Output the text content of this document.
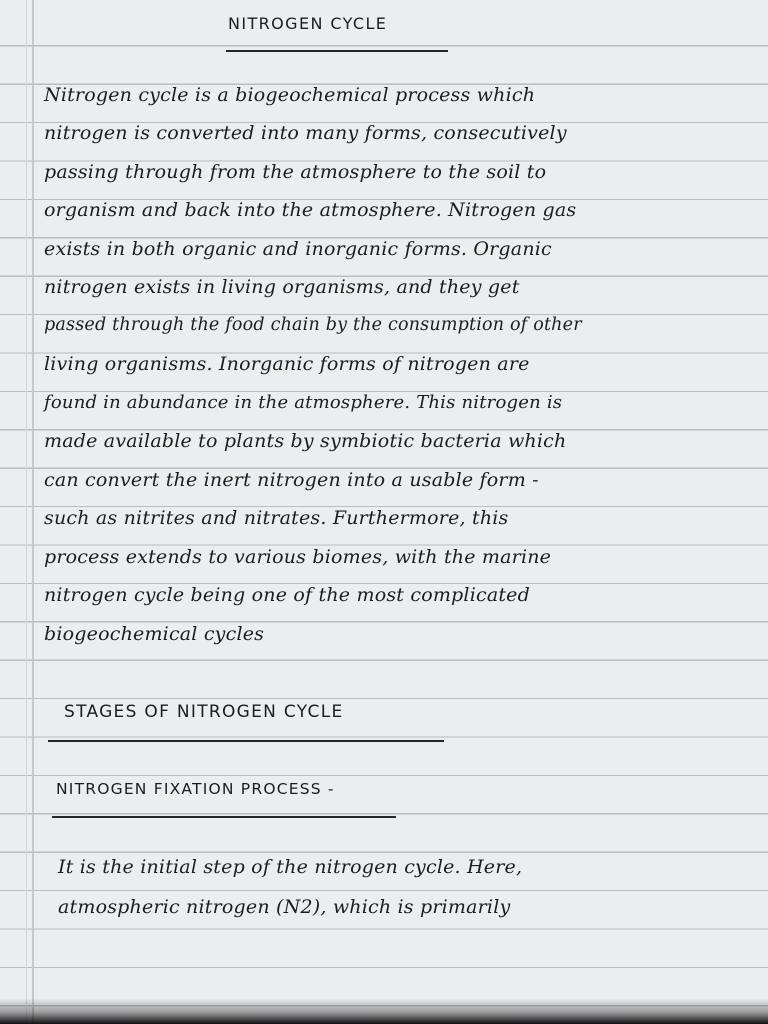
NITROGEN CYCLE
Nitrogen cycle is a biogeochemical process which
nitrogen is converted into many forms, consecutively
passing through from the atmosphere to the soil to
organism and back into the atmosphere. Nitrogen gas
exists in both organic and inorganic forms. Organic
nitrogen exists in living organisms, and they get
passed through the food chain by the consumption of other
living organisms. Inorganic forms of nitrogen are
found in abundance in the atmosphere. This nitrogen is
made available to plants by symbiotic bacteria which
can convert the inert nitrogen into a usable form -
such as nitrites and nitrates. Furthermore, this
process extends to various biomes, with the marine
nitrogen cycle being one of the most complicated
biogeochemical cycles
STAGES OF NITROGEN CYCLE
NITROGEN FIXATION PROCESS -
It is the initial step of the nitrogen cycle. Here,
atmospheric nitrogen (N2), which is primarily
